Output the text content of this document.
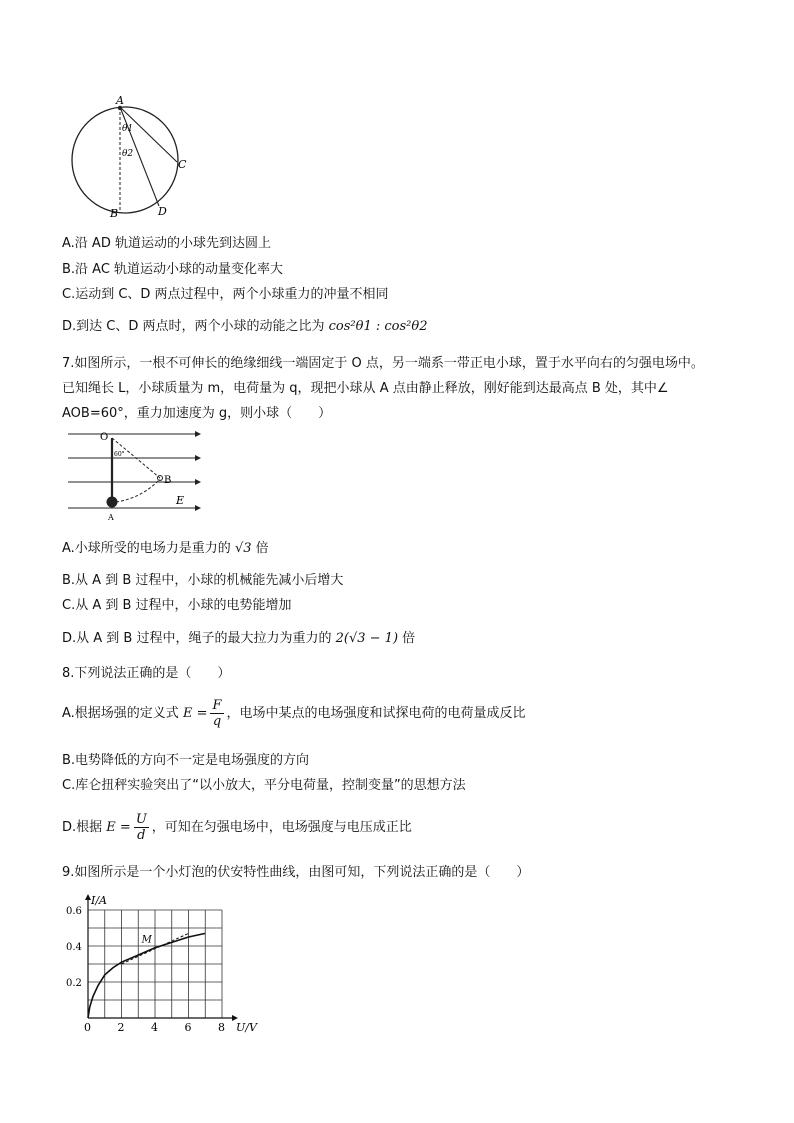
A
θ1
θ2
C
B	D
A.沿 AD 轨道运动的小球先到达圆上
B.沿 AC 轨道运动小球的动量变化率大
C.运动到 C、D 两点过程中，两个小球重力的冲量不相同
D.到达 C、D 两点时，两个小球的动能之比为 cos²θ1 : cos²θ2
7.如图所示，一根不可伸长的绝缘细线一端固定于 O 点，另一端系一带正电小球，置于水平向右的匀强电场中。
已知绳长 L，小球质量为 m，电荷量为 q，现把小球从 A 点由静止释放，刚好能到达最高点 B 处，其中∠
AOB=60°，重力加速度为 g，则小球（　　）
O
60°
B
E
A
A.小球所受的电场力是重力的 √3 倍
B.从 A 到 B 过程中，小球的机械能先减小后增大
C.从 A 到 B 过程中，小球的电势能增加
D.从 A 到 B 过程中，绳子的最大拉力为重力的 2(√3 − 1) 倍
8.下列说法正确的是（　　）
A.根据场强的定义式 $E = \frac{F}{q}$ ，电场中某点的电场强度和试探电荷的电荷量成反比
B.电势降低的方向不一定是电场强度的方向
C.库仑扭秤实验突出了“以小放大，平分电荷量，控制变量”的思想方法
D.根据 $E = \frac{U}{d}$ ，可知在匀强电场中，电场强度与电压成正比
9.如图所示是一个小灯泡的伏安特性曲线，由图可知，下列说法正确的是（　　）
0 2 4 6 8
0.2
0.4
0.6
U/V
I/A
M
